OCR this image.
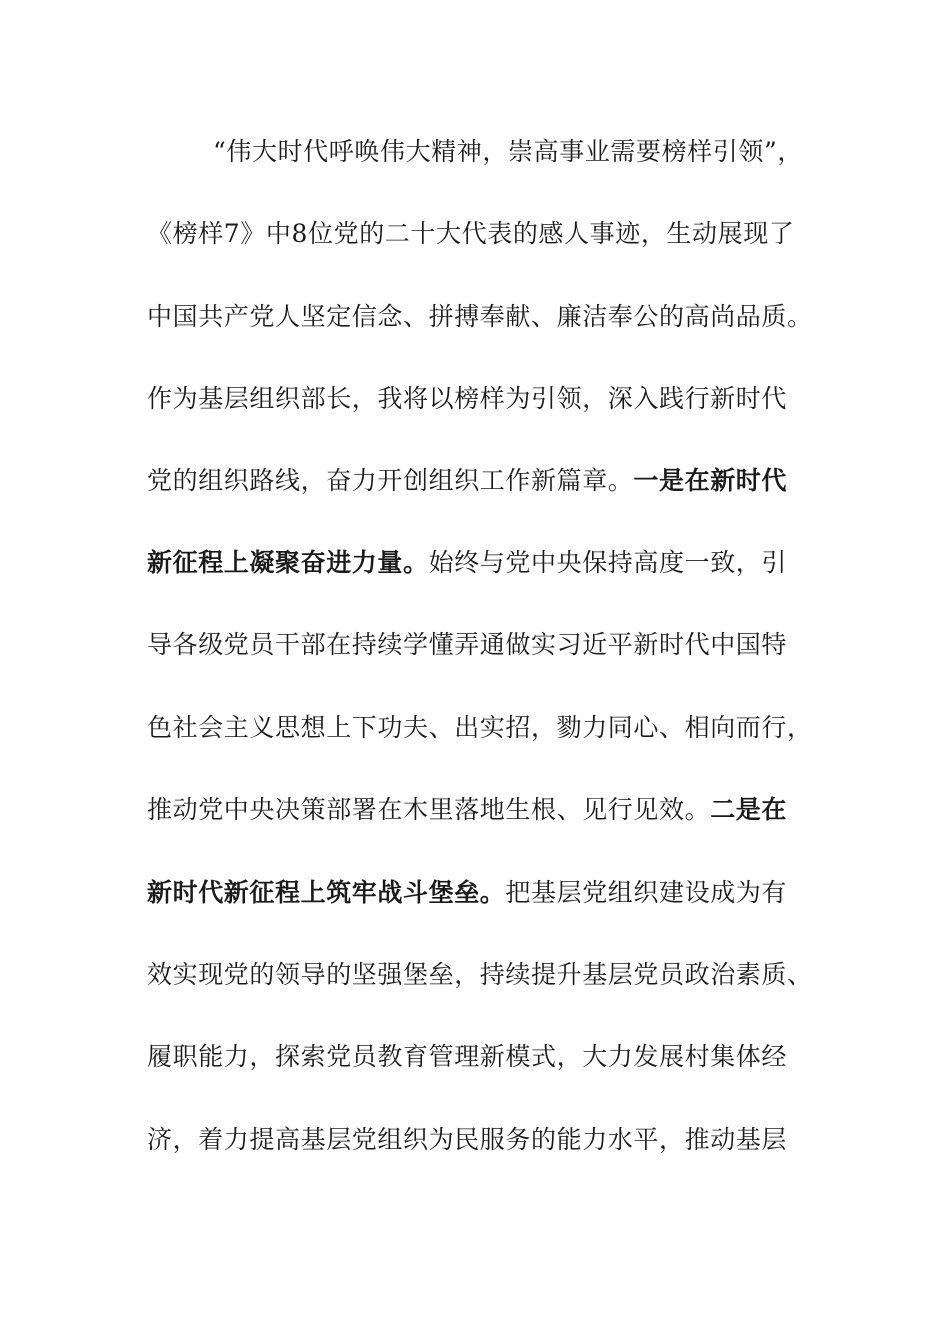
“伟大时代呼唤伟大精神，崇高事业需要榜样引领”，
《榜样7》中8位党的二十大代表的感人事迹，生动展现了
中国共产党人坚定信念、拼搏奉献、廉洁奉公的高尚品质。
作为基层组织部长，我将以榜样为引领，深入践行新时代
党的组织路线，奋力开创组织工作新篇章。一是在新时代
新征程上凝聚奋进力量。始终与党中央保持高度一致，引
导各级党员干部在持续学懂弄通做实习近平新时代中国特
色社会主义思想上下功夫、出实招，勠力同心、相向而行，
推动党中央决策部署在木里落地生根、见行见效。二是在
新时代新征程上筑牢战斗堡垒。把基层党组织建设成为有
效实现党的领导的坚强堡垒，持续提升基层党员政治素质、
履职能力，探索党员教育管理新模式，大力发展村集体经
济，着力提高基层党组织为民服务的能力水平，推动基层
